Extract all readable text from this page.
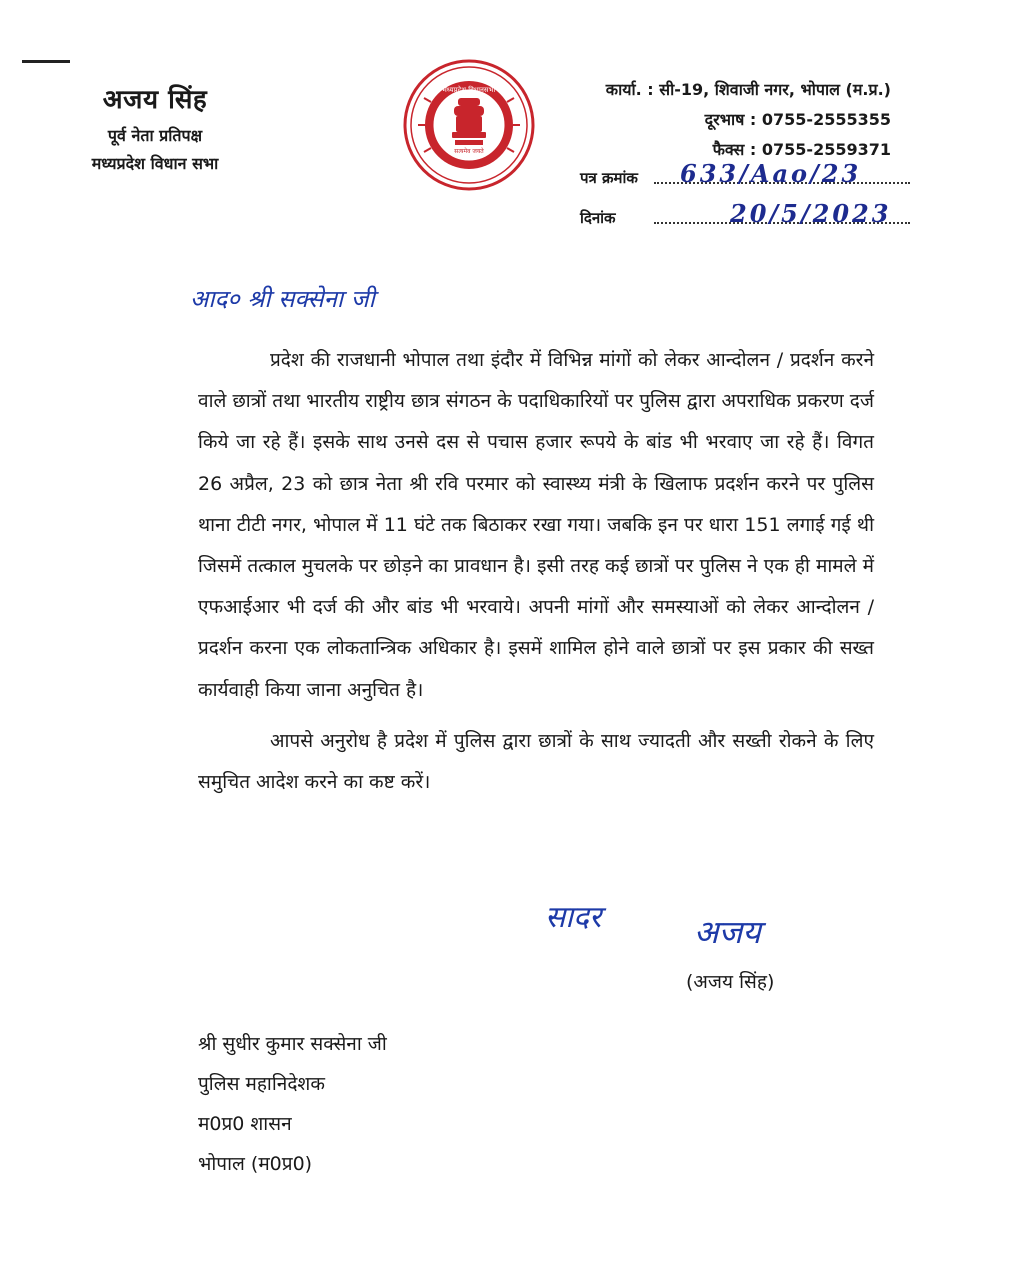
अजय सिंह
पूर्व नेता प्रतिपक्ष
मध्यप्रदेश विधान सभा
सत्यमेव जयते
मध्यप्रदेश विधानसभा	कार्या. : सी-19, शिवाजी नगर, भोपाल (म.प्र.)
दूरभाष : 0755-2555355
फैक्स : 0755-2559371
पत्र क्रमांक 633/Aao/23
दिनांक	20/5/2023
आद० श्री सक्सेना जी

प्रदेश की राजधानी भोपाल तथा इंदौर में विभिन्न मांगों को लेकर आन्दोलन / प्रदर्शन करने वाले छात्रों तथा भारतीय राष्ट्रीय छात्र संगठन के पदाधिकारियों पर पुलिस द्वारा अपराधिक प्रकरण दर्ज किये जा रहे हैं। इसके साथ उनसे दस से पचास हजार रूपये के बांड भी भरवाए जा रहे हैं। विगत 26 अप्रैल, 23 को छात्र नेता श्री रवि परमार को स्वास्थ्य मंत्री के खिलाफ प्रदर्शन करने पर पुलिस थाना टीटी नगर, भोपाल में 11 घंटे तक बिठाकर रखा गया। जबकि इन पर धारा 151 लगाई गई थी जिसमें तत्काल मुचलके पर छोड़ने का प्रावधान है। इसी तरह कई छात्रों पर पुलिस ने एक ही मामले में एफआईआर भी दर्ज की और बांड भी भरवाये। अपनी मांगों और समस्याओं को लेकर आन्दोलन / प्रदर्शन करना एक लोकतान्त्रिक अधिकार है। इसमें शामिल होने वाले छात्रों पर इस प्रकार की सख्त कार्यवाही किया जाना अनुचित है।

आपसे अनुरोध है प्रदेश में पुलिस द्वारा छात्रों के साथ ज्यादती और सख्ती रोकने के लिए समुचित आदेश करने का कष्ट करें।

सादर	अजय
(अजय सिंह)
श्री सुधीर कुमार सक्सेना जी
पुलिस महानिदेशक
म0प्र0 शासन
भोपाल (म0प्र0)
